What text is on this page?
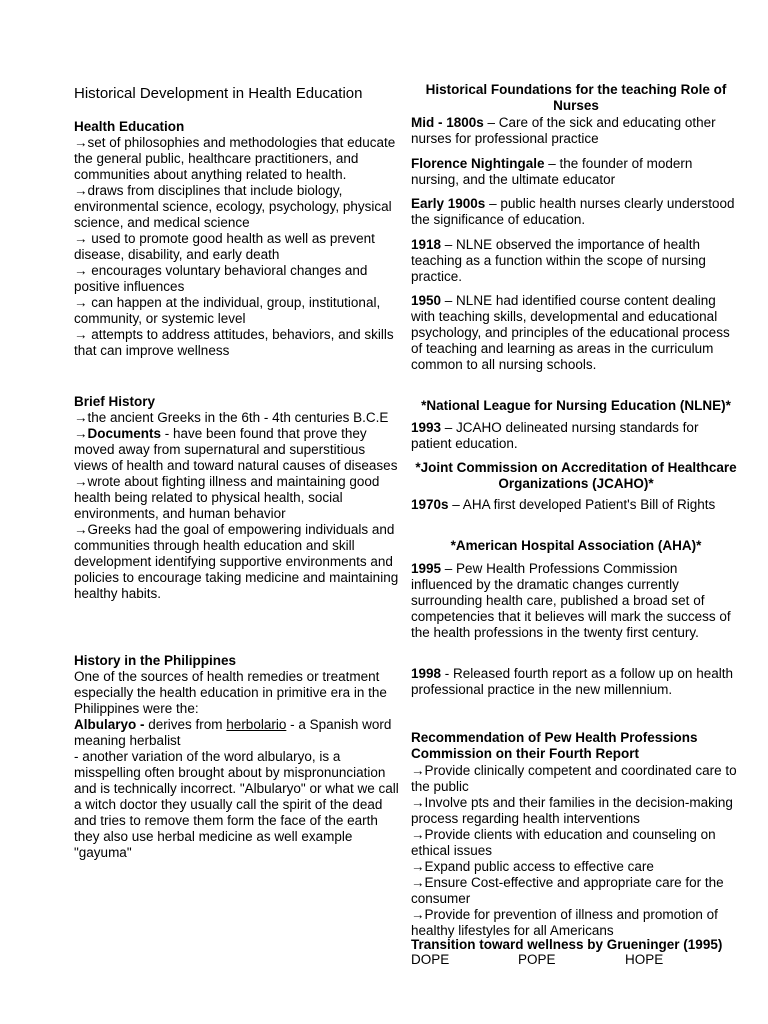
Historical Development in Health Education
Health Education
→set of philosophies and methodologies that educate the general public, healthcare practitioners, and communities about anything related to health.
→draws from disciplines that include biology, environmental science, ecology, psychology, physical science, and medical science
→ used to promote good health as well as prevent disease, disability, and early death
→ encourages voluntary behavioral changes and positive influences
→ can happen at the individual, group, institutional, community, or systemic level
→ attempts to address attitudes, behaviors, and skills that can improve wellness
Brief History
→the ancient Greeks in the 6th - 4th centuries B.C.E
→Documents - have been found that prove they moved away from supernatural and superstitious views of health and toward natural causes of diseases
→wrote about fighting illness and maintaining good health being related to physical health, social environments, and human behavior
→Greeks had the goal of empowering individuals and communities through health education and skill development identifying supportive environments and policies to encourage taking medicine and maintaining healthy habits.
History in the Philippines
One of the sources of health remedies or treatment especially the health education in primitive era in the Philippines were the:
Albularyo - derives from herbolario - a Spanish word meaning herbalist
- another variation of the word albularyo, is a misspelling often brought about by mispronunciation and is technically incorrect. "Albularyo" or what we call a witch doctor they usually call the spirit of the dead and tries to remove them form the face of the earth they also use herbal medicine as well example "gayuma"
Historical Foundations for the teaching Role of Nurses
Mid - 1800s – Care of the sick and educating other nurses for professional practice
Florence Nightingale – the founder of modern nursing, and the ultimate educator
Early 1900s – public health nurses clearly understood the significance of education.
1918 – NLNE observed the importance of health teaching as a function within the scope of nursing practice.
1950 – NLNE had identified course content dealing with teaching skills, developmental and educational psychology, and principles of the educational process of teaching and learning as areas in the curriculum common to all nursing schools.
*National League for Nursing Education (NLNE)*
1993 – JCAHO delineated nursing standards for patient education.
*Joint Commission on Accreditation of Healthcare Organizations (JCAHO)*
1970s – AHA first developed Patient's Bill of Rights
*American Hospital Association (AHA)*
1995 – Pew Health Professions Commission influenced by the dramatic changes currently surrounding health care, published a broad set of competencies that it believes will mark the success of the health professions in the twenty first century.
1998 - Released fourth report as a follow up on health professional practice in the new millennium.
Recommendation of Pew Health Professions Commission on their Fourth Report
→Provide clinically competent and coordinated care to the public
→Involve pts and their families in the decision-making process regarding health interventions
→Provide clients with education and counseling on ethical issues
→Expand public access to effective care
→Ensure Cost-effective and appropriate care for the consumer
→Provide for prevention of illness and promotion of healthy lifestyles for all Americans
Transition toward wellness by Grueninger (1995)
DOPE	POPE	HOPE
